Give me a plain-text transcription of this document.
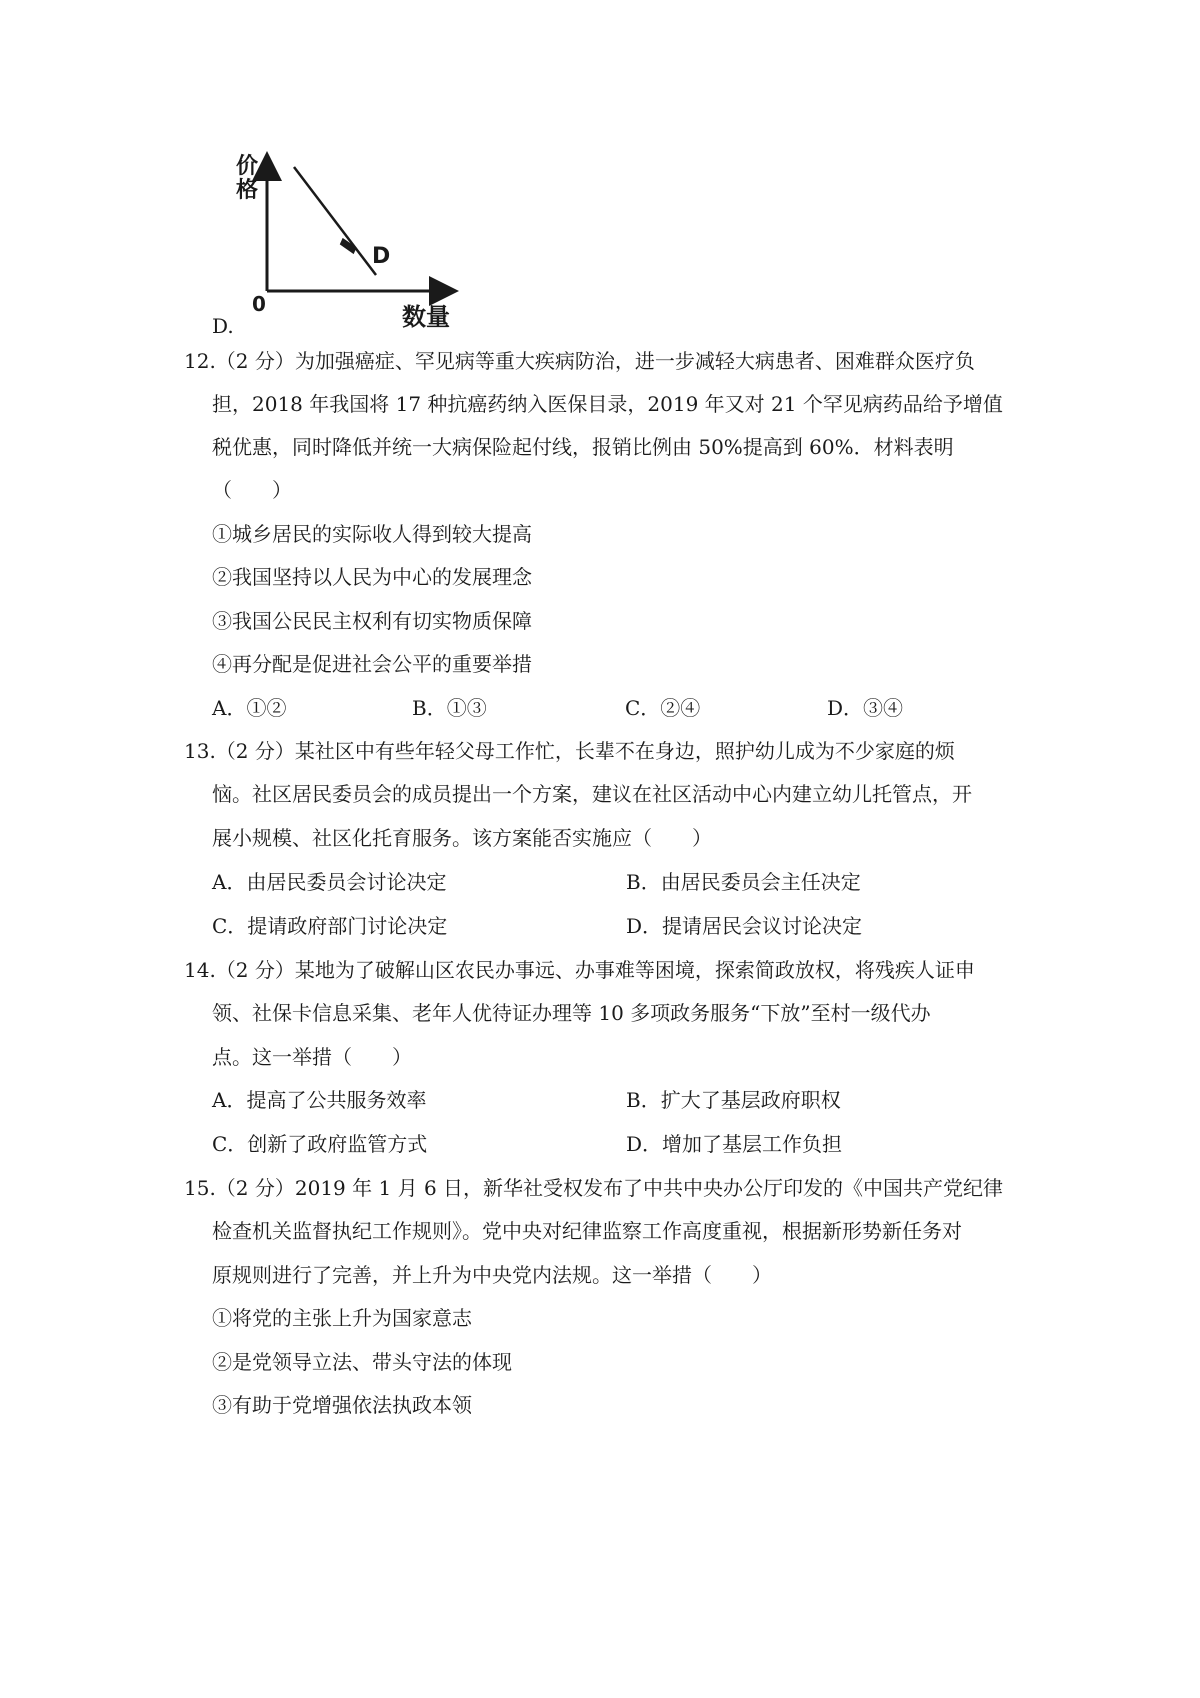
价
格
D
0	数量
D.
12.（2 分）为加强癌症、罕见病等重大疾病防治，进一步减轻大病患者、困难群众医疗负
担，2018 年我国将 17 种抗癌药纳入医保目录，2019 年又对 21 个罕见病药品给予增值
税优惠，同时降低并统一大病保险起付线，报销比例由 50%提高到 60%．材料表明
（　　）
①城乡居民的实际收人得到较大提高
②我国坚持以人民为中心的发展理念
③我国公民民主权利有切实物质保障
④再分配是促进社会公平的重要举措
A．①②	B．①③	C．②④	D．③④
13.（2 分）某社区中有些年轻父母工作忙，长辈不在身边，照护幼儿成为不少家庭的烦
恼。社区居民委员会的成员提出一个方案，建议在社区活动中心内建立幼儿托管点，开
展小规模、社区化托育服务。该方案能否实施应（　　）
A．由居民委员会讨论决定	B．由居民委员会主任决定
C．提请政府部门讨论决定	D．提请居民会议讨论决定
14.（2 分）某地为了破解山区农民办事远、办事难等困境，探索简政放权，将残疾人证申
领、社保卡信息采集、老年人优待证办理等 10 多项政务服务“下放”至村一级代办
点。这一举措（　　）
A．提高了公共服务效率	B．扩大了基层政府职权
C．创新了政府监管方式	D．增加了基层工作负担
15.（2 分）2019 年 1 月 6 日，新华社受权发布了中共中央办公厅印发的《中国共产党纪律
检查机关监督执纪工作规则》。党中央对纪律监察工作高度重视，根据新形势新任务对
原规则进行了完善，并上升为中央党内法规。这一举措（　　）
①将党的主张上升为国家意志
②是党领导立法、带头守法的体现
③有助于党增强依法执政本领
